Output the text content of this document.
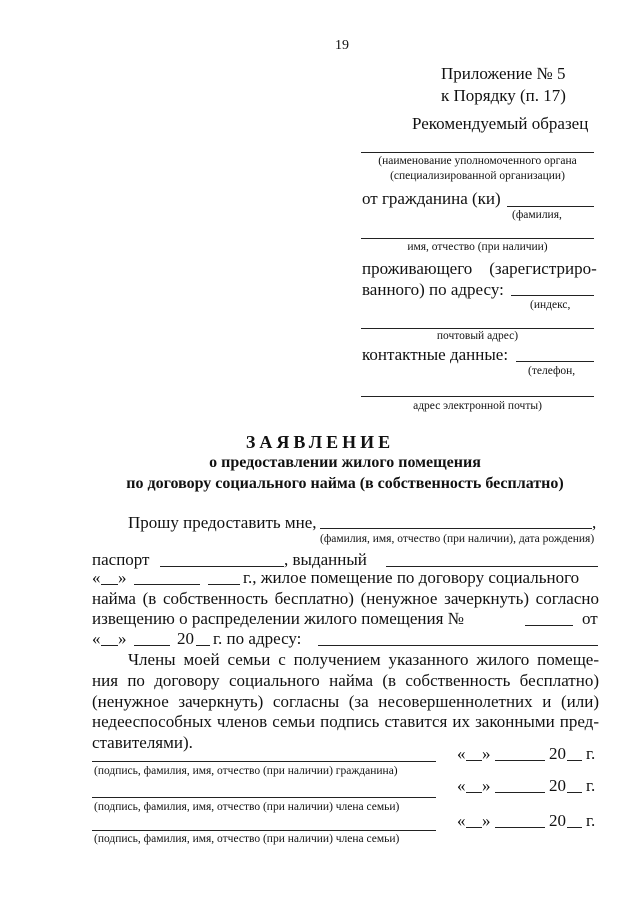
19
Приложение № 5
к Порядку (п. 17)
Рекомендуемый образец
(наименование уполномоченного органа
(специализированной организации)
от гражданина (ки)
(фамилия,
имя, отчество (при наличии)
проживающего    (зарегистриро-
ванного) по адресу:
(индекс,
почтовый адрес)
контактные данные:
(телефон,
адрес электронной почты)
ЗАЯВЛЕНИЕ
о предоставлении жилого помещения
по договору социального найма (в собственность бесплатно)
Прошу предоставить мне,	,
(фамилия, имя, отчество (при наличии), дата рождения)
паспорт	, выданный
« »	г., жилое помещение по договору социального
найма (в собственность бесплатно) (ненужное зачеркнуть) согласно
извещению о распределении жилого помещения №	от
« »	20 г. по адресу:
Члены моей семьи с получением указанного жилого помеще-
ния по договору социального найма (в собственность бесплатно)
(ненужное зачеркнуть) согласны (за несовершеннолетних и (или)
недееспособных членов семьи подпись ставится их законными пред-
ставителями).
(подпись, фамилия, имя, отчество (при наличии) гражданина)
« »	20 г.
(подпись, фамилия, имя, отчество (при наличии) члена семьи)
« »	20 г.
(подпись, фамилия, имя, отчество (при наличии) члена семьи)
« »	20 г.
